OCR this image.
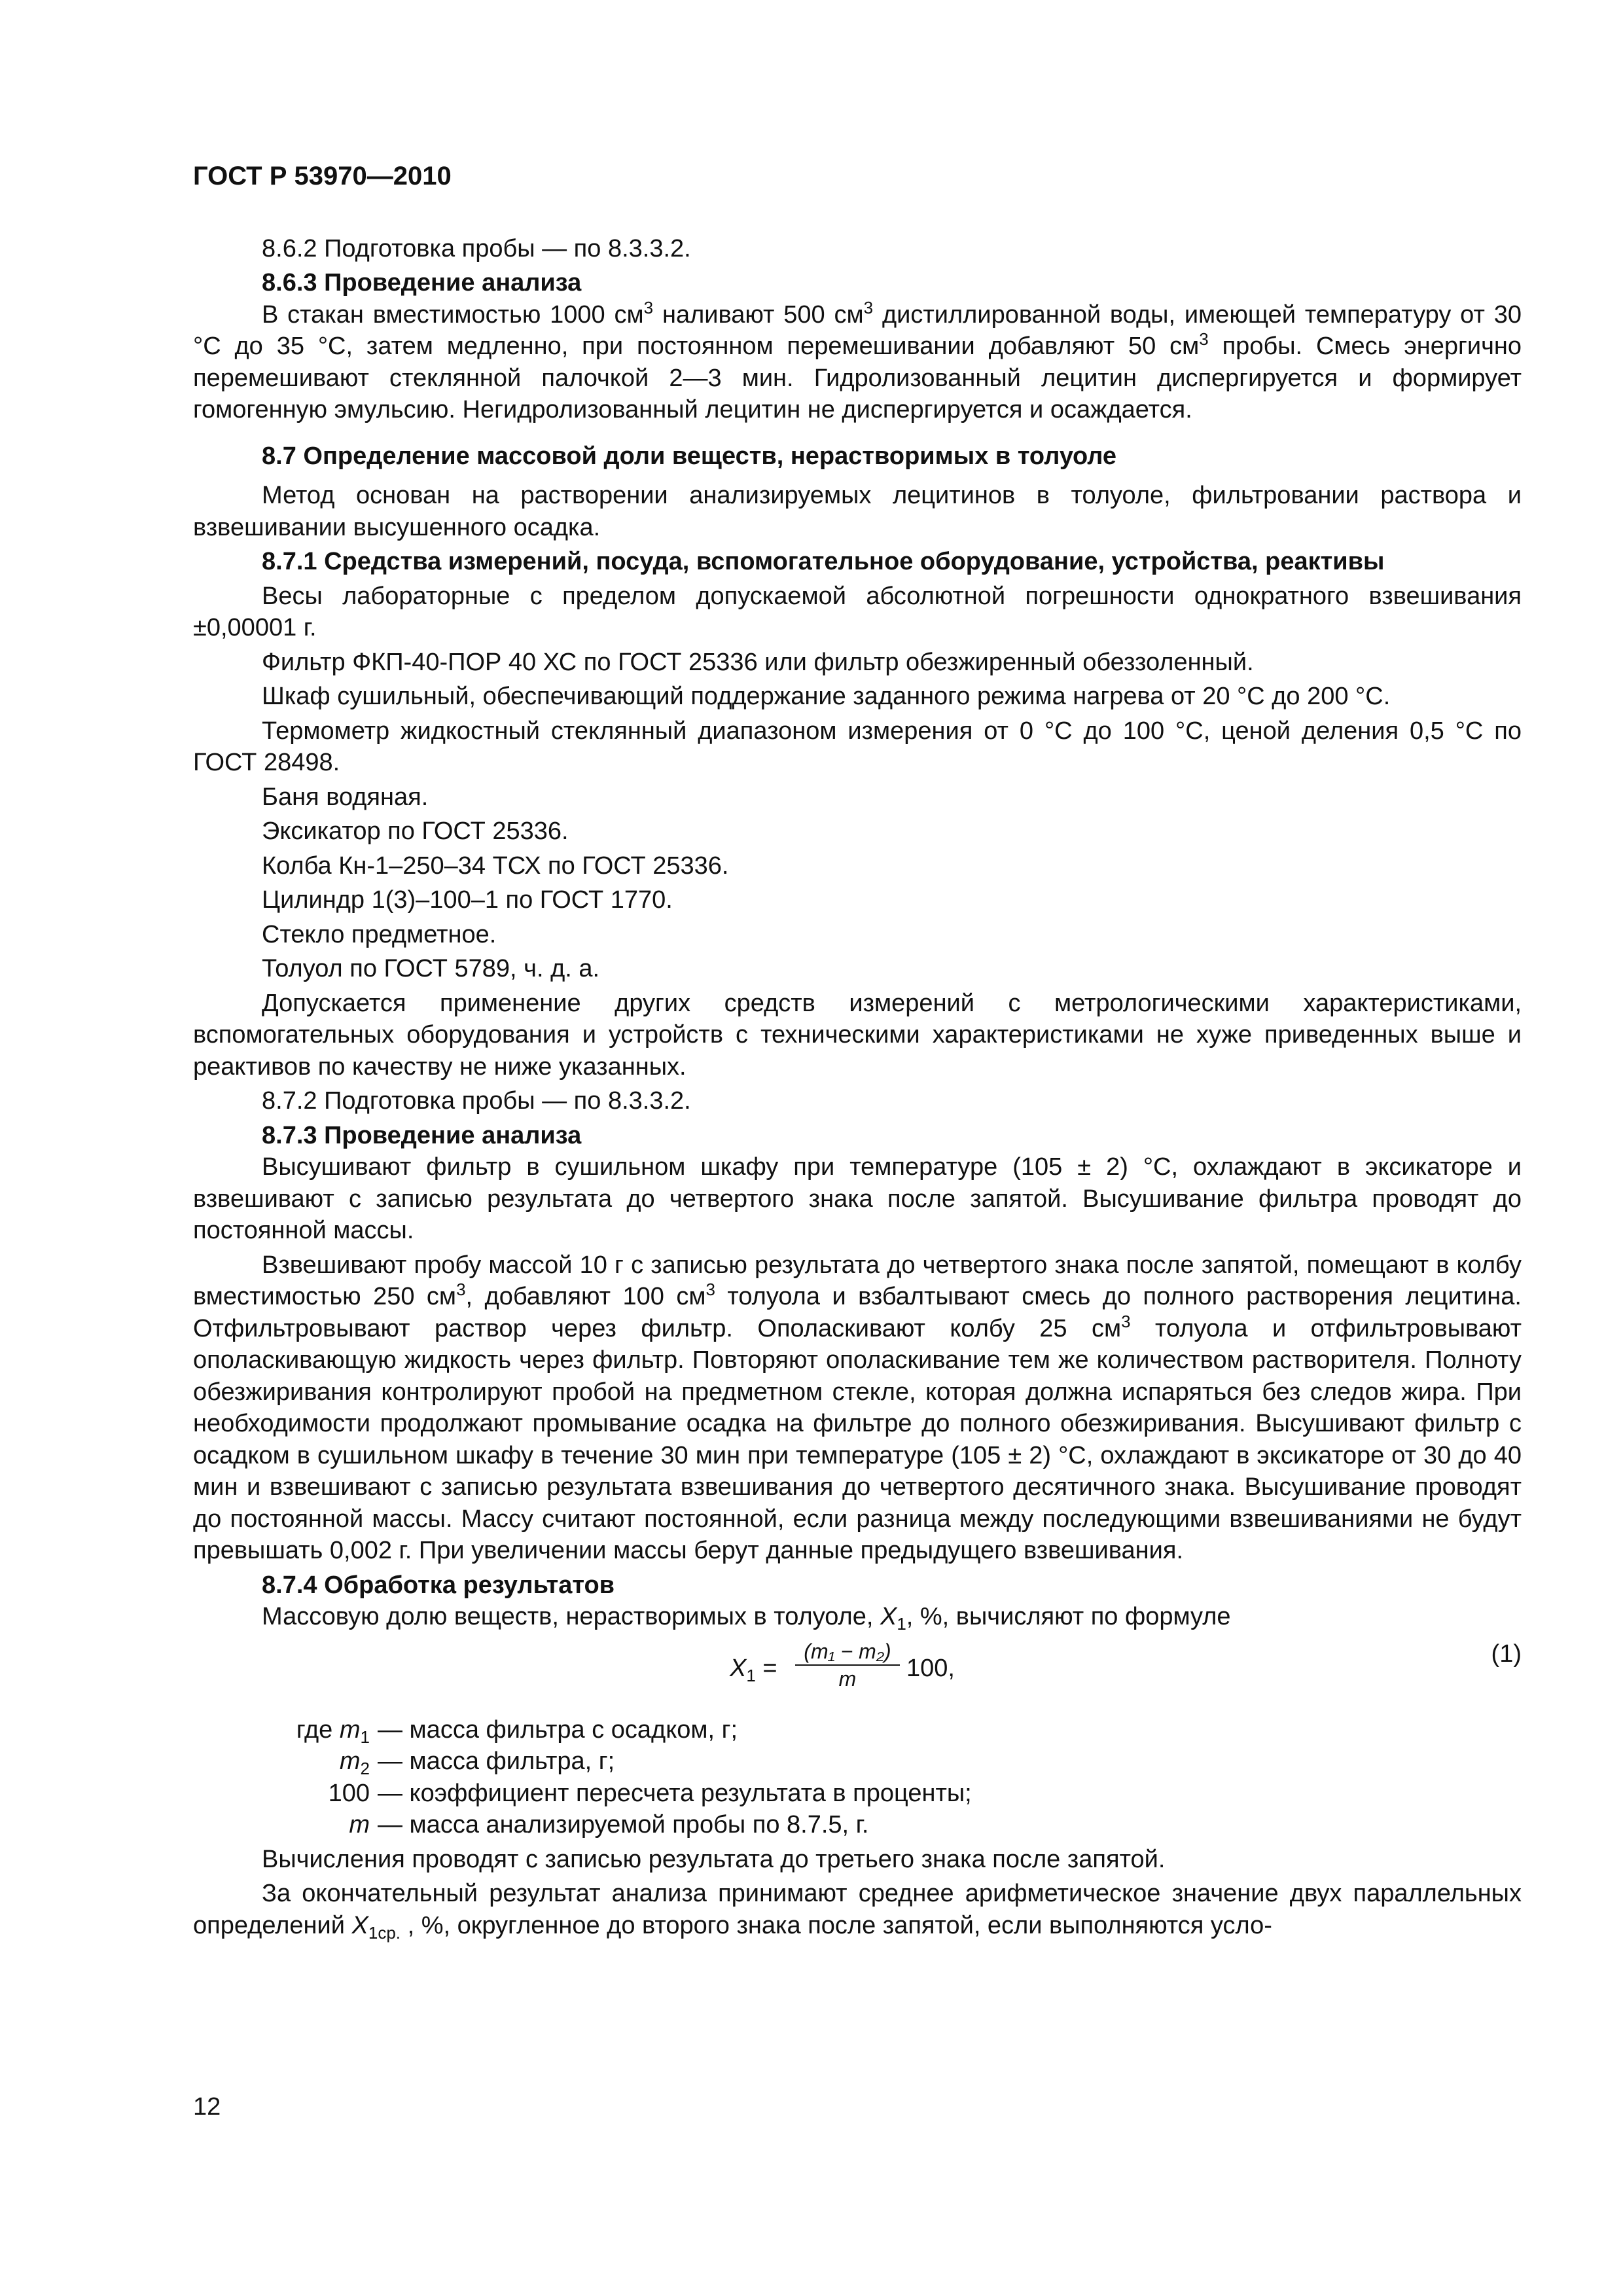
ГОСТ Р 53970—2010

8.6.2 Подготовка пробы — по 8.3.3.2.

8.6.3 Проведение анализа

В стакан вместимостью 1000 $см^3$ наливают 500 $см^3$ дистиллированной воды, имеющей температуру от 30 °С до 35 °С, затем медленно, при постоянном перемешивании добавляют 50 $см^3$ пробы. Смесь энергично перемешивают стеклянной палочкой 2—3 мин. Гидролизованный лецитин диспергируется и формирует гомогенную эмульсию. Негидролизованный лецитин не диспергируется и осаждается.

8.7 Определение массовой доли веществ, нерастворимых в толуоле

Метод основан на растворении анализируемых лецитинов в толуоле, фильтровании раствора и взвешивании высушенного осадка.

8.7.1 Средства измерений, посуда, вспомогательное оборудование, устройства, реактивы

Весы лабораторные с пределом допускаемой абсолютной погрешности однократного взвешивания ±0,00001 г.

Фильтр ФКП-40-ПОР 40 ХС по ГОСТ 25336 или фильтр обезжиренный обеззоленный.

Шкаф сушильный, обеспечивающий поддержание заданного режима нагрева от 20 °С до 200 °С.

Термометр жидкостный стеклянный диапазоном измерения от 0 °С до 100 °С, ценой деления 0,5 °С по ГОСТ 28498.

Баня водяная.

Эксикатор по ГОСТ 25336.

Колба Кн-1–250–34 ТСХ по ГОСТ 25336.

Цилиндр 1(3)–100–1 по ГОСТ 1770.

Стекло предметное.

Толуол по ГОСТ 5789, ч. д. а.

Допускается применение других средств измерений с метрологическими характеристиками, вспомогательных оборудования и устройств с техническими характеристиками не хуже приведенных выше и реактивов по качеству не ниже указанных.

8.7.2 Подготовка пробы — по 8.3.3.2.

8.7.3 Проведение анализа

Высушивают фильтр в сушильном шкафу при температуре (105 ± 2) °С, охлаждают в эксикаторе и взвешивают с записью результата до четвертого знака после запятой. Высушивание фильтра проводят до постоянной массы.

Взвешивают пробу массой 10 г с записью результата до четвертого знака после запятой, помещают в колбу вместимостью 250 $см^3$, добавляют 100 $см^3$ толуола и взбалтывают смесь до полного растворения лецитина. Отфильтровывают раствор через фильтр. Ополаскивают колбу 25 $см^3$ толуола и отфильтровывают ополаскивающую жидкость через фильтр. Повторяют ополаскивание тем же количеством растворителя. Полноту обезжиривания контролируют пробой на предметном стекле, которая должна испаряться без следов жира. При необходимости продолжают промывание осадка на фильтре до полного обезжиривания. Высушивают фильтр с осадком в сушильном шкафу в течение 30 мин при температуре (105 ± 2) °С, охлаждают в эксикаторе от 30 до 40 мин и взвешивают с записью результата взвешивания до четвертого десятичного знака. Высушивание проводят до постоянной массы. Массу считают постоянной, если разница между последующими взвешиваниями не будут превышать 0,002 г. При увеличении массы берут данные предыдущего взвешивания.

8.7.4 Обработка результатов

Массовую долю веществ, нерастворимых в толуоле, $X_1$, %, вычисляют по формуле

$X_1 = \frac{\text{(m₁ − m₂)}}{m} 100$,
(1)
где $m_1$ — масса фильтра с осадком, г;
$m_2$ — масса фильтра, г;
100 — коэффициент пересчета результата в проценты;
m — масса анализируемой пробы по 8.7.5, г.

Вычисления проводят с записью результата до третьего знака после запятой.

За окончательный результат анализа принимают среднее арифметическое значение двух параллельных определений $X_{1ср.}$ , %, округленное до второго знака после запятой, если выполняются усло-

12
